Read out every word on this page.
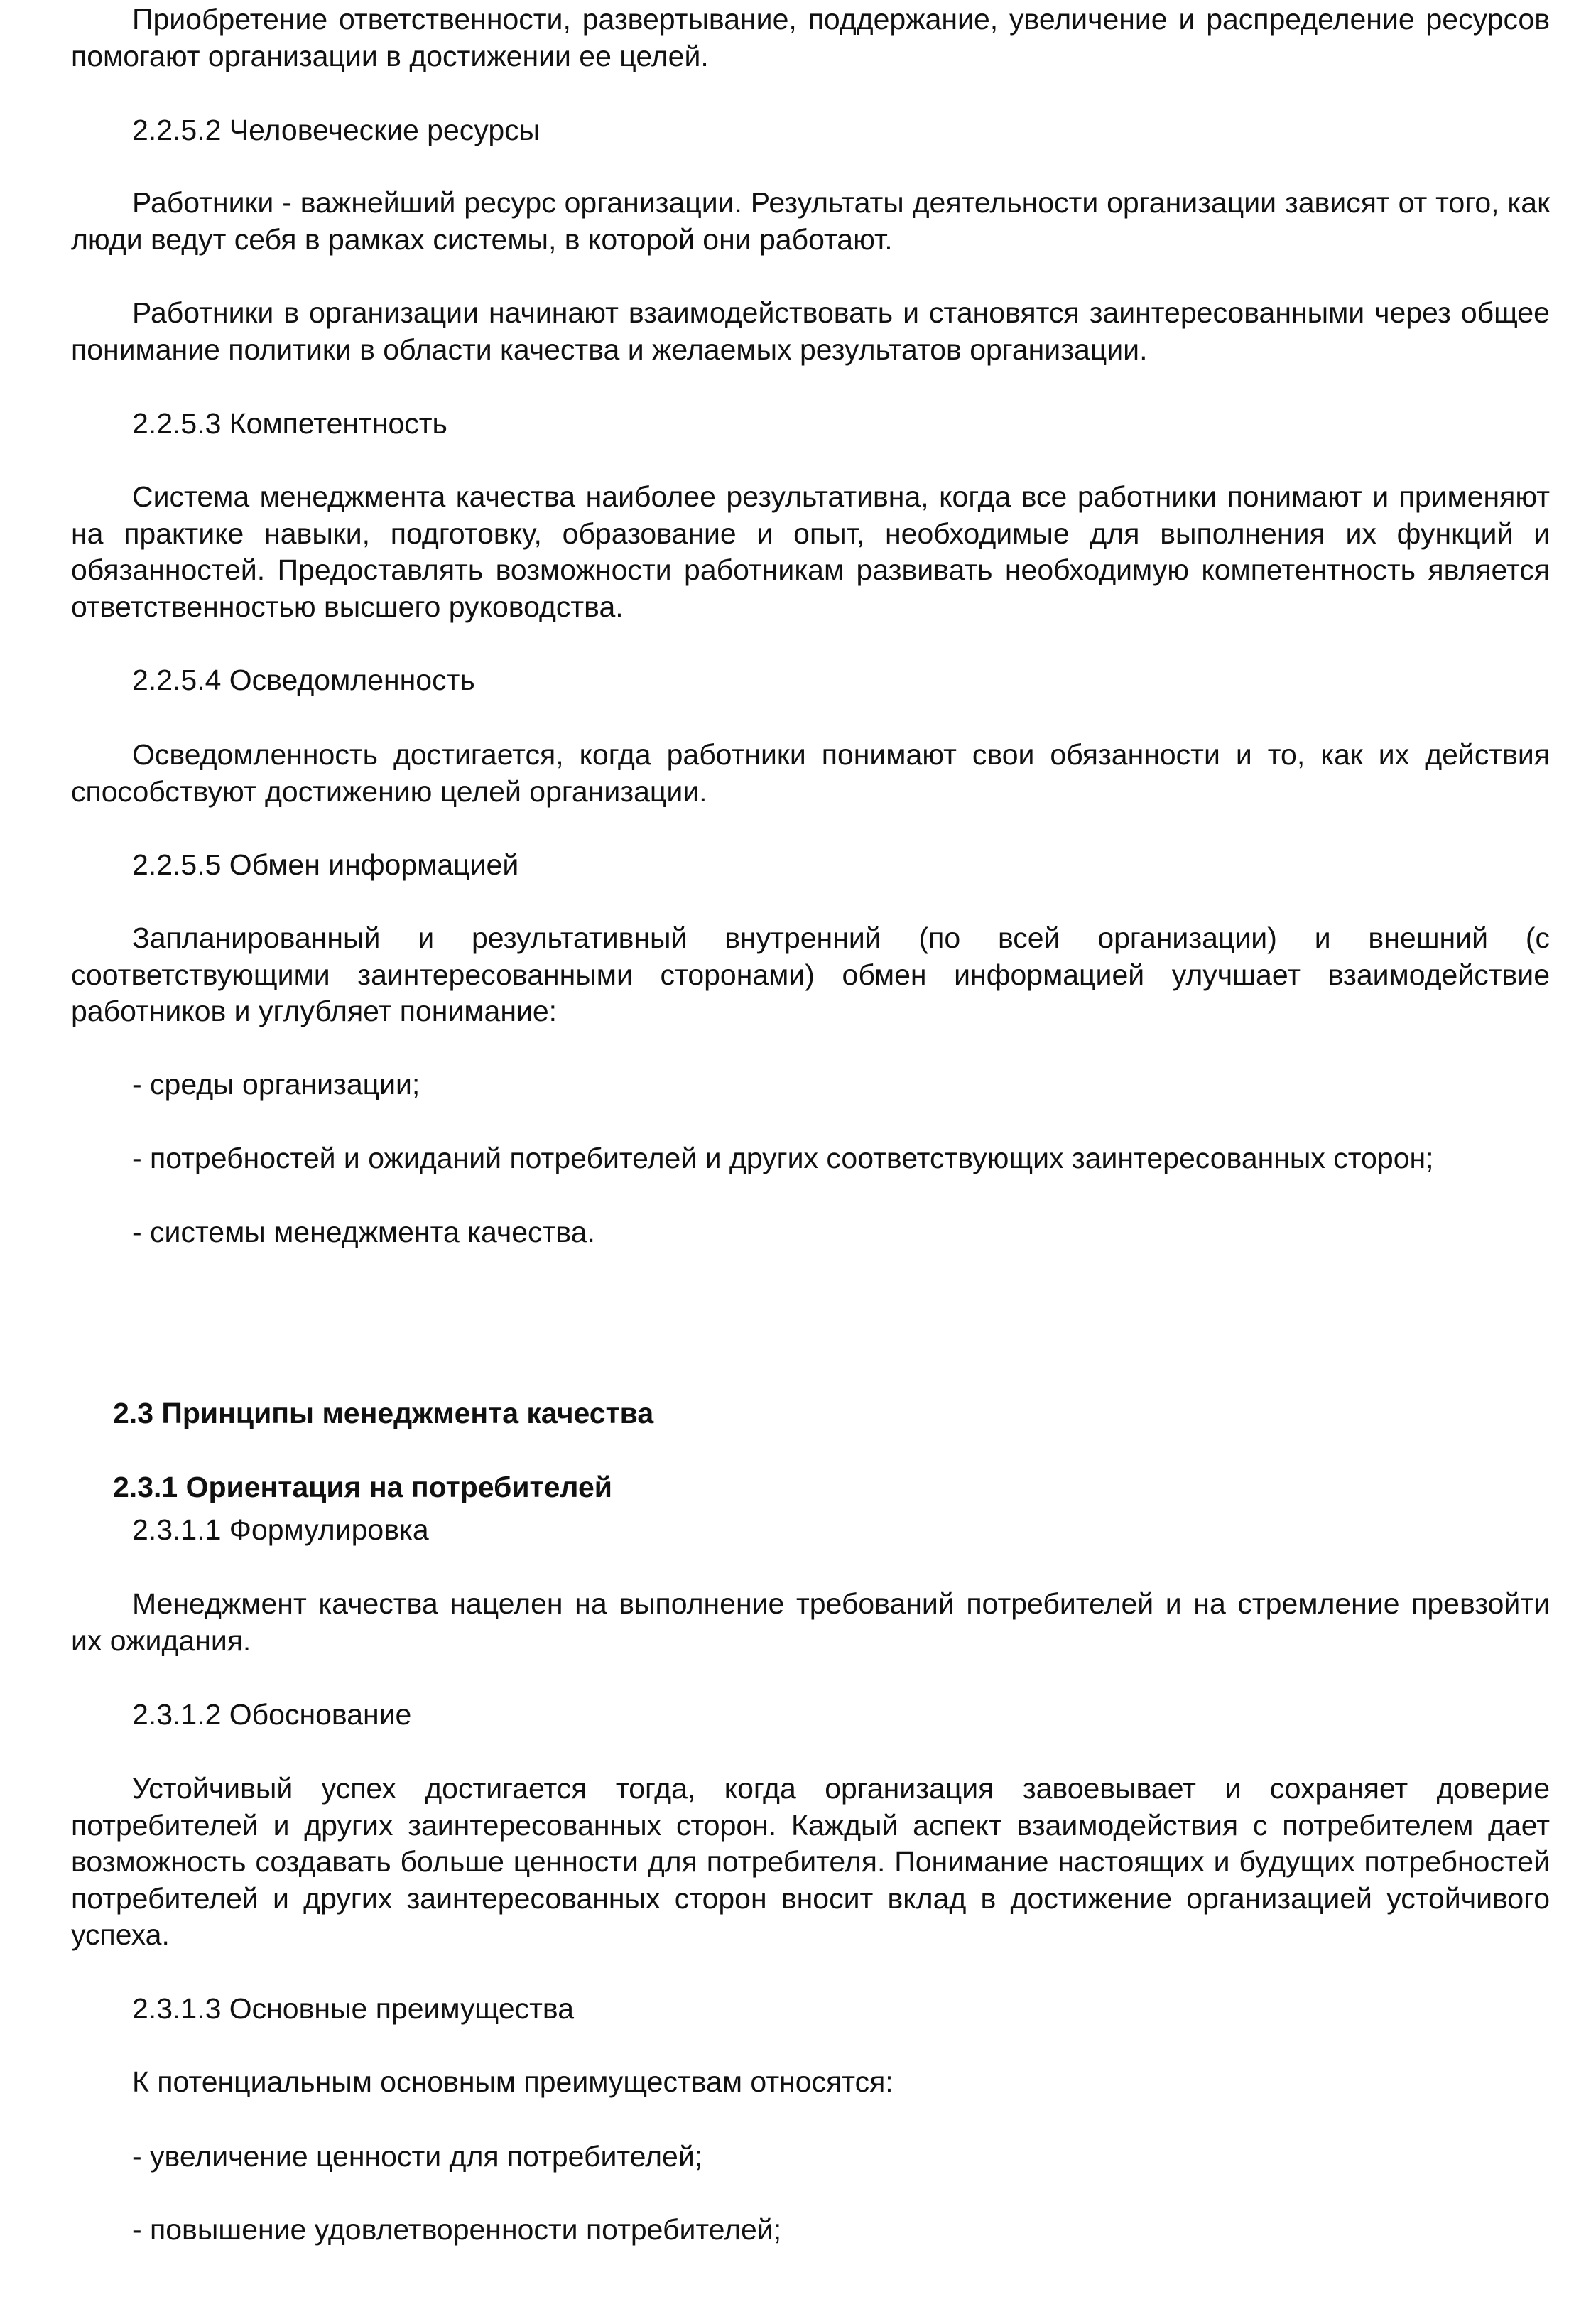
Приобретение ответственности, развертывание, поддержание, увеличение и распределение ресурсов помогают организации в достижении ее целей.

2.2.5.2 Человеческие ресурсы

Работники - важнейший ресурс организации. Результаты деятельности организации зависят от того, как люди ведут себя в рамках системы, в которой они работают.

Работники в организации начинают взаимодействовать и становятся заинтересованными через общее понимание политики в области качества и желаемых результатов организации.

2.2.5.3 Компетентность

Система менеджмента качества наиболее результативна, когда все работники понимают и применяют на практике навыки, подготовку, образование и опыт, необходимые для выполнения их функций и обязанностей. Предоставлять возможности работникам развивать необходимую компетентность является ответственностью высшего руководства.

2.2.5.4 Осведомленность

Осведомленность достигается, когда работники понимают свои обязанности и то, как их действия способствуют достижению целей организации.

2.2.5.5 Обмен информацией

Запланированный и результативный внутренний (по всей организации) и внешний (с соответствующими заинтересованными сторонами) обмен информацией улучшает взаимодействие работников и углубляет понимание:

- среды организации;
- потребностей и ожиданий потребителей и других соответствующих заинтересованных сторон;
- системы менеджмента качества.
2.3 Принципы менеджмента качества
2.3.1 Ориентация на потребителей
2.3.1.1 Формулировка

Менеджмент качества нацелен на выполнение требований потребителей и на стремление превзойти их ожидания.

2.3.1.2 Обоснование

Устойчивый успех достигается тогда, когда организация завоевывает и сохраняет доверие потребителей и других заинтересованных сторон. Каждый аспект взаимодействия с потребителем дает возможность создавать больше ценности для потребителя. Понимание настоящих и будущих потребностей потребителей и других заинтересованных сторон вносит вклад в достижение организацией устойчивого успеха.

2.3.1.3 Основные преимущества

К потенциальным основным преимуществам относятся:

- увеличение ценности для потребителей;
- повышение удовлетворенности потребителей;
